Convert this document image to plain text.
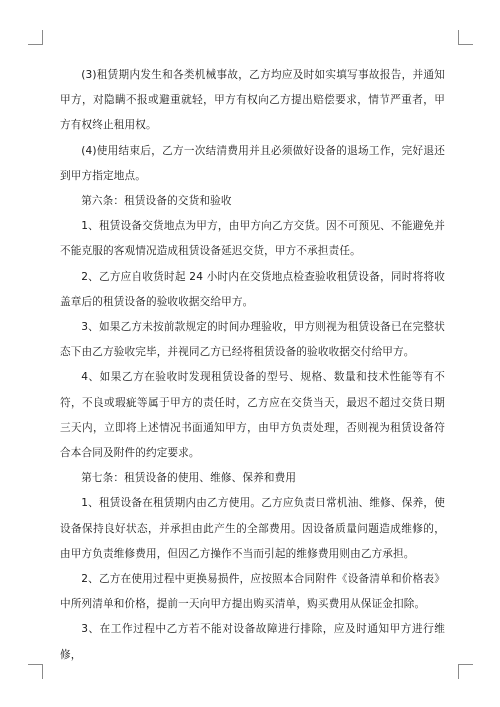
(3)租赁期内发生和各类机械事故，乙方均应及时如实填写事故报告，并通知甲方，对隐瞒不报或避重就轻，甲方有权向乙方提出赔偿要求，情节严重者，甲方有权终止租用权。

(4)使用结束后，乙方一次结清费用并且必须做好设备的退场工作，完好退还到甲方指定地点。

第六条：租赁设备的交货和验收

1、租赁设备交货地点为甲方，由甲方向乙方交货。因不可预见、不能避免并不能克服的客观情况造成租赁设备延迟交货，甲方不承担责任。

2、乙方应自收货时起 24 小时内在交货地点检查验收租赁设备，同时将将收盖章后的租赁设备的验收收据交给甲方。

3、如果乙方未按前款规定的时间办理验收，甲方则视为租赁设备已在完整状态下由乙方验收完毕，并视同乙方已经将租赁设备的验收收据交付给甲方。

4、如果乙方在验收时发现租赁设备的型号、规格、数量和技术性能等有不符，不良或瑕疵等属于甲方的责任时，乙方应在交货当天，最迟不超过交货日期三天内，立即将上述情况书面通知甲方，由甲方负责处理，否则视为租赁设备符合本合同及附件的约定要求。

第七条：租赁设备的使用、维修、保养和费用

1、租赁设备在租赁期内由乙方使用。乙方应负责日常机油、维修、保养，使设备保持良好状态，并承担由此产生的全部费用。因设备质量问题造成维修的，由甲方负责维修费用，但因乙方操作不当而引起的维修费用则由乙方承担。

2、乙方在使用过程中更换易损件，应按照本合同附件《设备清单和价格表》中所列清单和价格，提前一天向甲方提出购买清单，购买费用从保证金扣除。

3、在工作过程中乙方若不能对设备故障进行排除，应及时通知甲方进行维修，
